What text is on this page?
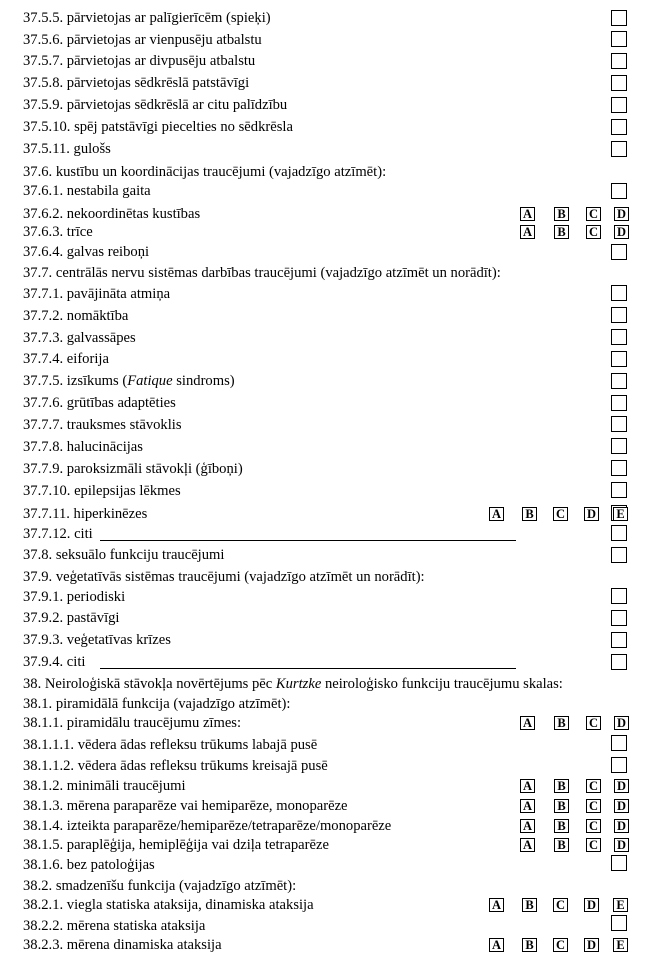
37.5.5. pārvietojas ar palīgierīcēm (spieķi)
37.5.6. pārvietojas ar vienpusēju atbalstu
37.5.7. pārvietojas ar divpusēju atbalstu
37.5.8. pārvietojas sēdkrēslā patstāvīgi
37.5.9. pārvietojas sēdkrēslā ar citu palīdzību
37.5.10. spēj patstāvīgi piecelties no sēdkrēsla
37.5.11. gulošs
37.6. kustību un koordinācijas traucējumi (vajadzīgo atzīmēt):
37.6.1. nestabila gaita
37.6.2. nekoordinētas kustības	A B C D
37.6.3. trīce	A B C D
37.6.4. galvas reiboņi
37.7. centrālās nervu sistēmas darbības traucējumi (vajadzīgo atzīmēt un norādīt):
37.7.1. pavājināta atmiņa
37.7.2. nomāktība
37.7.3. galvassāpes
37.7.4. eiforija
37.7.5. izsīkums (Fatique sindroms)
37.7.6. grūtības adaptēties
37.7.7. trauksmes stāvoklis
37.7.8. halucinācijas
37.7.9. paroksizmāli stāvokļi (ģīboņi)
37.7.10. epilepsijas lēkmes
37.7.11. hiperkinēzes	A B C D E
37.7.12. citi
37.8. seksuālo funkciju traucējumi
37.9. veģetatīvās sistēmas traucējumi (vajadzīgo atzīmēt un norādīt):
37.9.1. periodiski
37.9.2. pastāvīgi
37.9.3. veģetatīvas krīzes
37.9.4. citi
38. Neiroloģiskā stāvokļa novērtējums pēc Kurtzke neiroloģisko funkciju traucējumu skalas:
38.1. piramidālā funkcija (vajadzīgo atzīmēt):
38.1.1. piramidālu traucējumu zīmes:	A B C D
38.1.1.1. vēdera ādas refleksu trūkums labajā pusē
38.1.1.2. vēdera ādas refleksu trūkums kreisajā pusē
38.1.2. minimāli traucējumi	A B C D
38.1.3. mērena paraparēze vai hemiparēze, monoparēze	A B C D
38.1.4. izteikta paraparēze/hemiparēze/tetraparēze/monoparēze	A B C D
38.1.5. paraplēģija, hemiplēģija vai dziļa tetraparēze	A B C D
38.1.6. bez patoloģijas
38.2. smadzenīšu funkcija (vajadzīgo atzīmēt):
38.2.1. viegla statiska ataksija, dinamiska ataksija	A B C D E
38.2.2. mērena statiska ataksija
38.2.3. mērena dinamiska ataksija	A B C D E
